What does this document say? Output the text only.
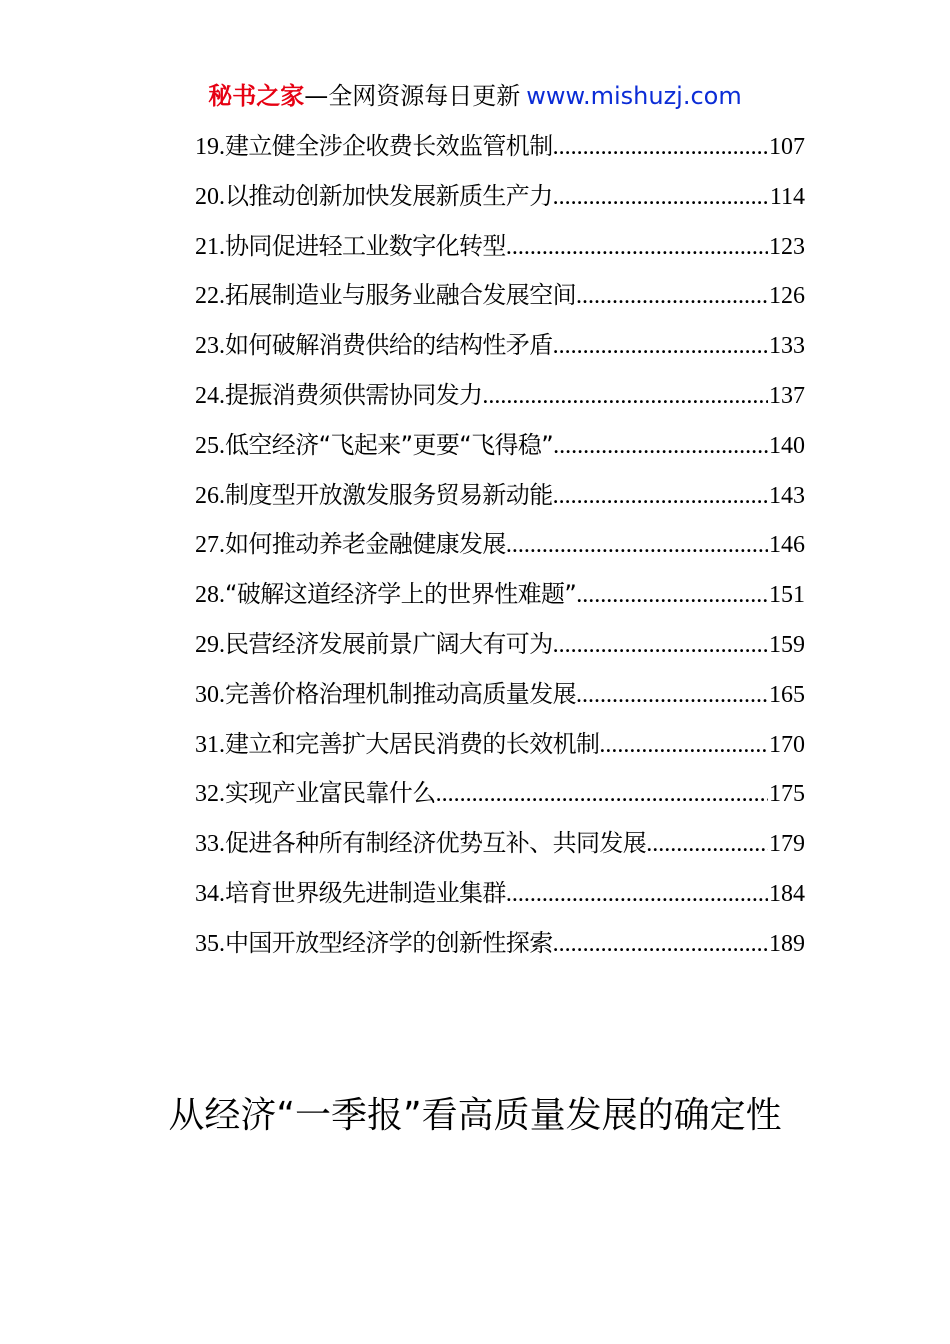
秘书之家—全网资源每日更新 www.mishuzj.com
19. 建立健全涉企收费长效监管机制 .....	107
20. 以推动创新加快发展新质生产力 .....	114
21. 协同促进轻工业数字化转型 .....	123
22. 拓展制造业与服务业融合发展空间 .....	126
23. 如何破解消费供给的结构性矛盾 .....	133
24. 提振消费须供需协同发力 .....	137
25. 低空经济“飞起来”更要“飞得稳” .....	140
26. 制度型开放激发服务贸易新动能 .....	143
27. 如何推动养老金融健康发展 .....	146
28. “破解这道经济学上的世界性难题” .....	151
29. 民营经济发展前景广阔大有可为 .....	159
30. 完善价格治理机制推动高质量发展 .....	165
31. 建立和完善扩大居民消费的长效机制 .....	170
32. 实现产业富民靠什么 .....	175
33. 促进各种所有制经济优势互补、共同发展 .....	179
34. 培育世界级先进制造业集群 .....	184
35. 中国开放型经济学的创新性探索 .....	189
从经济“一季报”看高质量发展的确定性
